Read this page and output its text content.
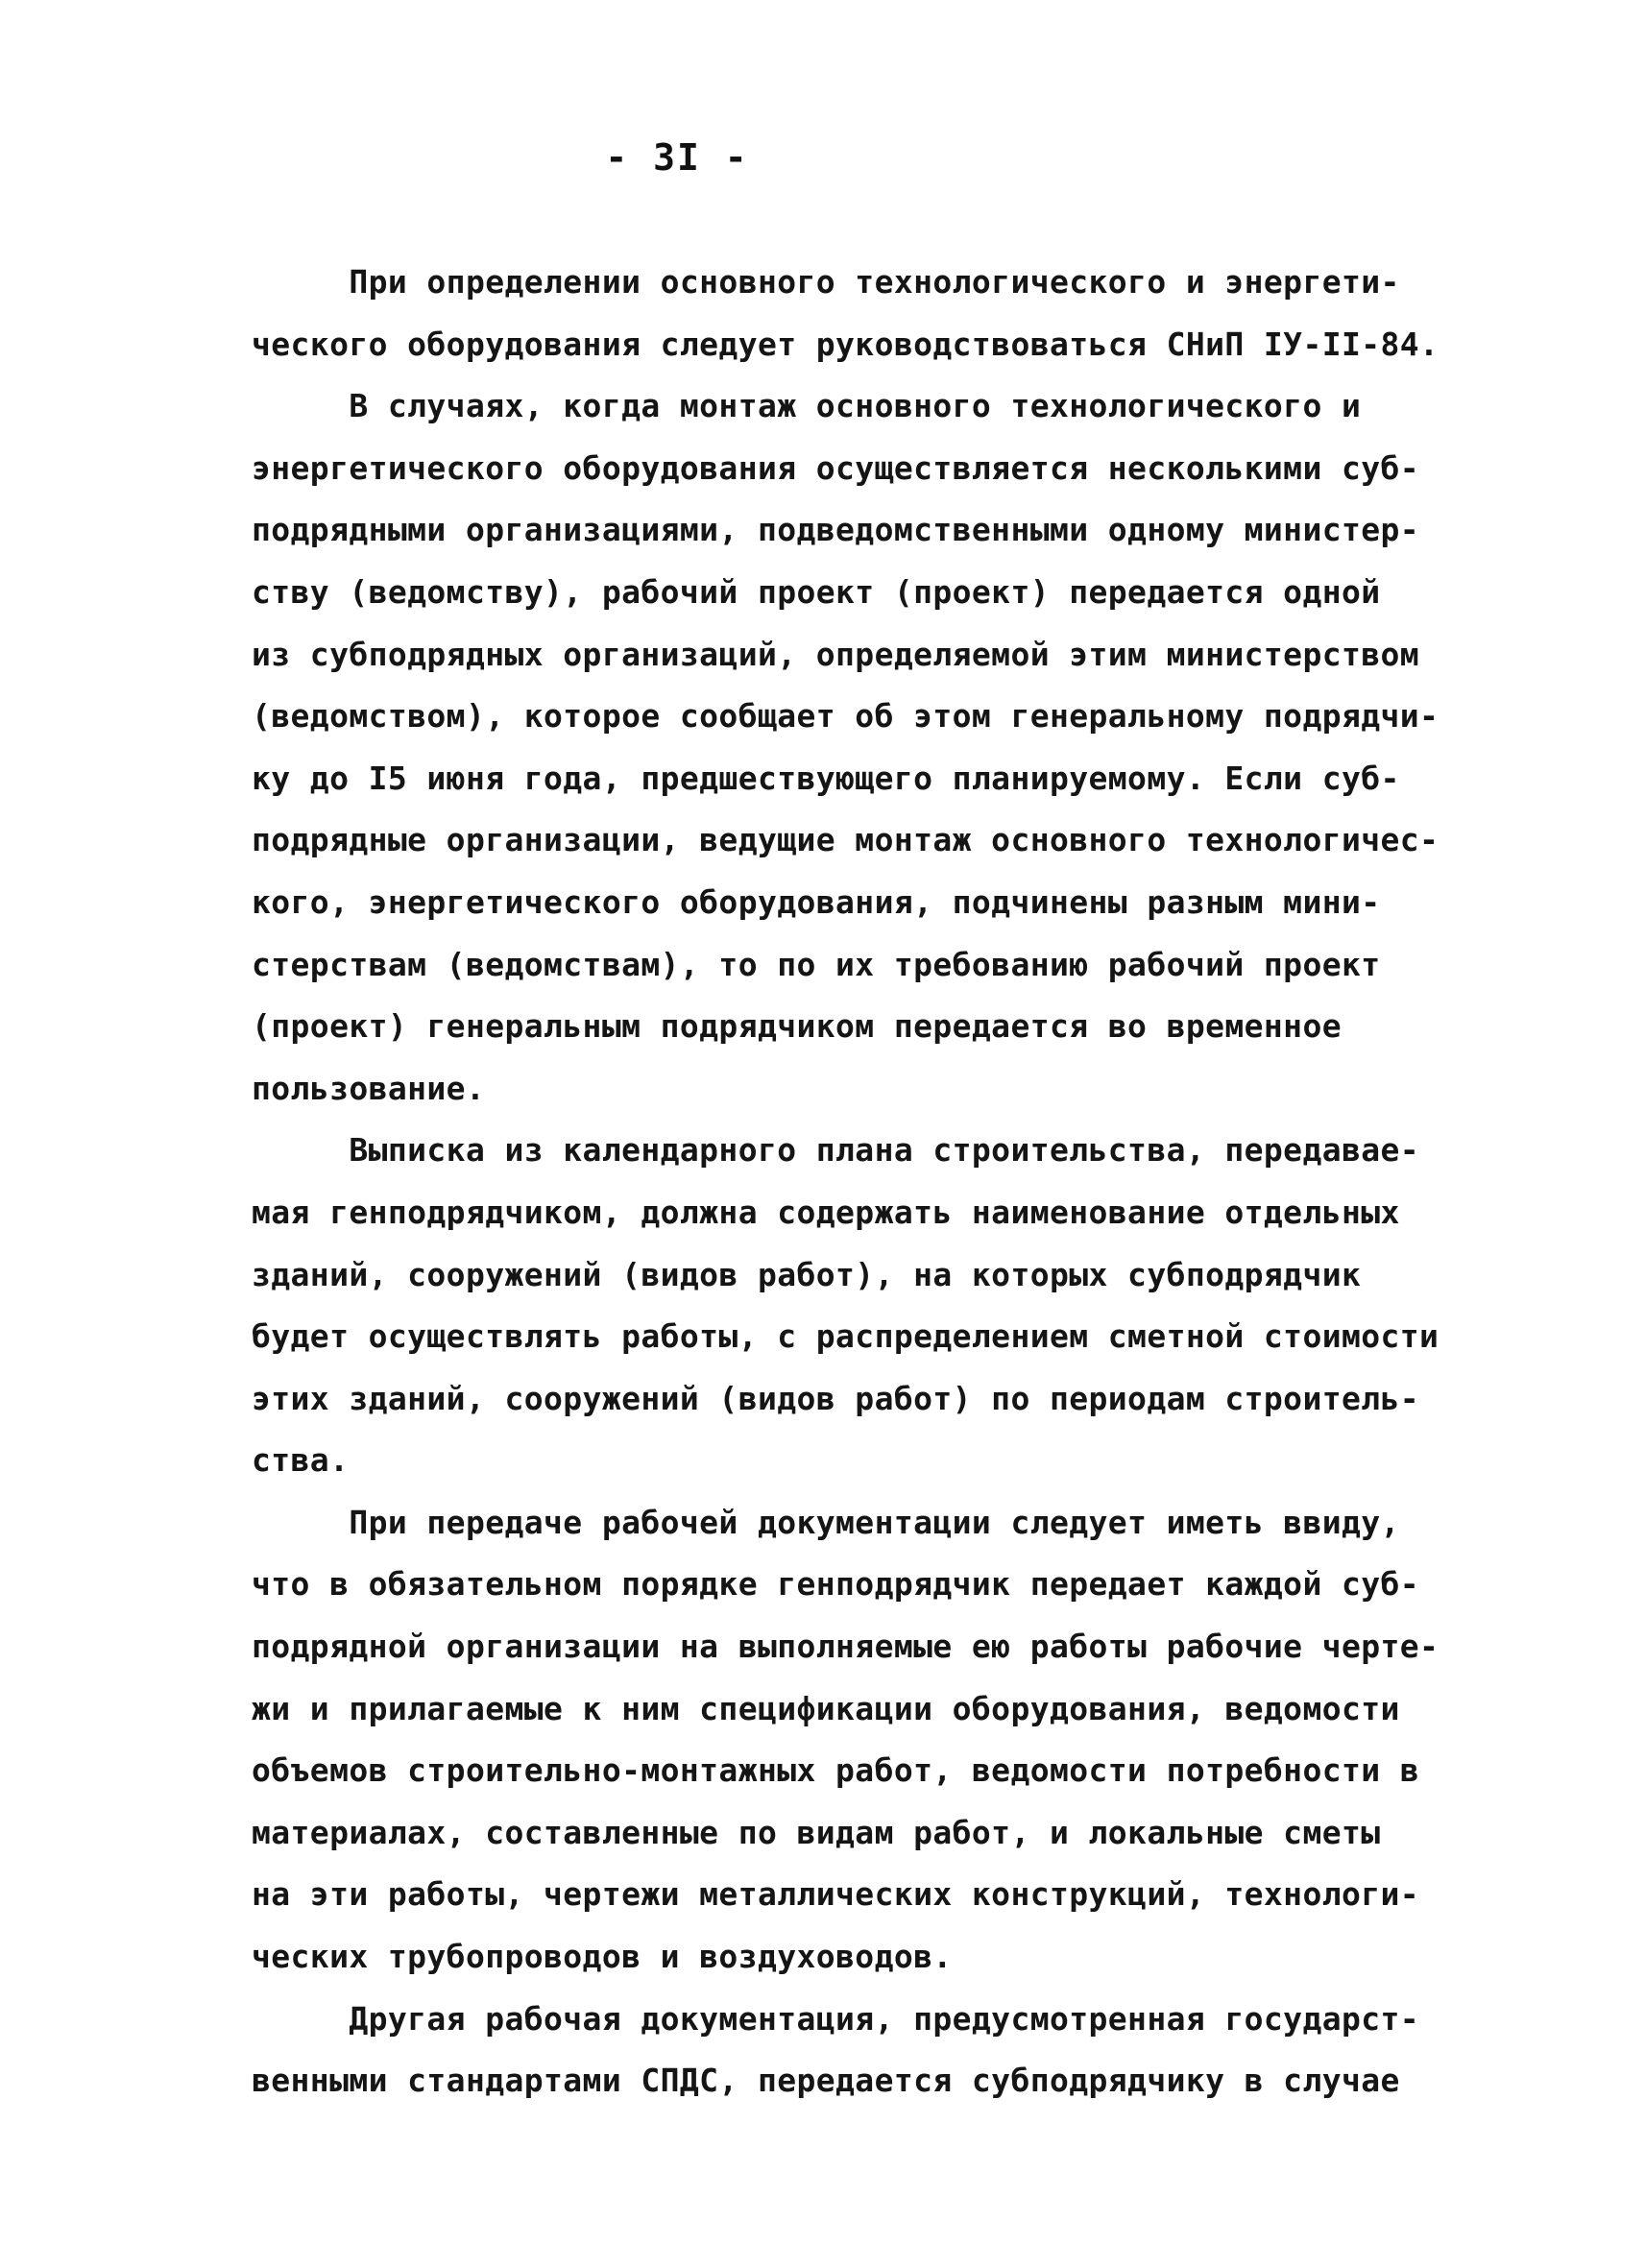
- 3I -
При определении основного технологического и энергети-
ческого оборудования следует руководствоваться СНиП IУ-II-84.
В случаях, когда монтаж основного технологического и
энергетического оборудования осуществляется несколькими суб-
подрядными организациями, подведомственными одному министер-
ству (ведомству), рабочий проект (проект) передается одной
из субподрядных организаций, определяемой этим министерством
(ведомством), которое сообщает об этом генеральному подрядчи-
ку до I5 июня года, предшествующего планируемому. Если суб-
подрядные организации, ведущие монтаж основного технологичес-
кого, энергетического оборудования, подчинены разным мини-
стерствам (ведомствам), то по их требованию рабочий проект
(проект) генеральным подрядчиком передается во временное
пользование.
Выписка из календарного плана строительства, передавае-
мая генподрядчиком, должна содержать наименование отдельных
зданий, сооружений (видов работ), на которых субподрядчик
будет осуществлять работы, с распределением сметной стоимости
этих зданий, сооружений (видов работ) по периодам строитель-
ства.
При передаче рабочей документации следует иметь ввиду,
что в обязательном порядке генподрядчик передает каждой суб-
подрядной организации на выполняемые ею работы рабочие черте-
жи и прилагаемые к ним спецификации оборудования, ведомости
объемов строительно-монтажных работ, ведомости потребности в
материалах, составленные по видам работ, и локальные сметы
на эти работы, чертежи металлических конструкций, технологи-
ческих трубопроводов и воздуховодов.
Другая рабочая документация, предусмотренная государст-
венными стандартами СПДС, передается субподрядчику в случае
